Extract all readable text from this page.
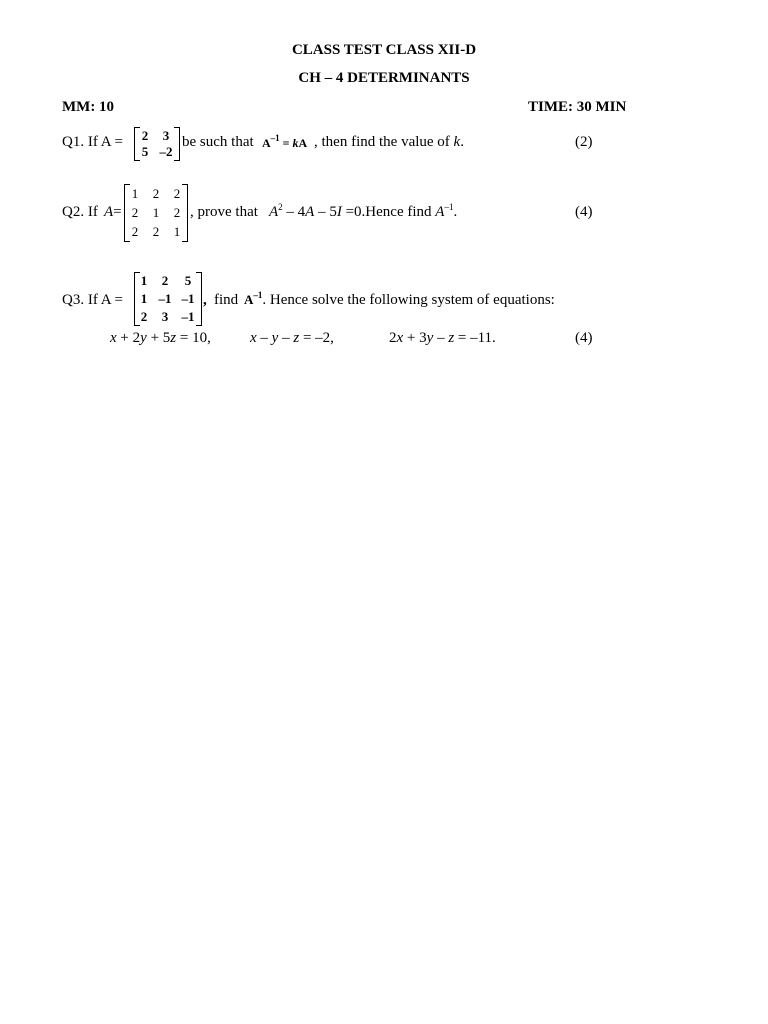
CLASS TEST CLASS XII-D
CH – 4 DETERMINANTS
MM: 10	TIME: 30 MIN
Q1. If A =	2	3
5 –2
be such that $A^{-1}$ = kA , then find the value of k.	(2)
Q2. If A=
1	2	2
2	1	2
2	2	1
, prove that $A^2 - 4A - 5I$ =0.Hence find $A^{-1}$.	(4)
Q3. If A =
1	2	5
1 –1 –1
2	3	–1
, find $A^{-1}$. Hence solve the following system of equations:
x + 2y + 5z = 10,	x – y – z = –2,	2x + 3y – z = –11.	(4)
